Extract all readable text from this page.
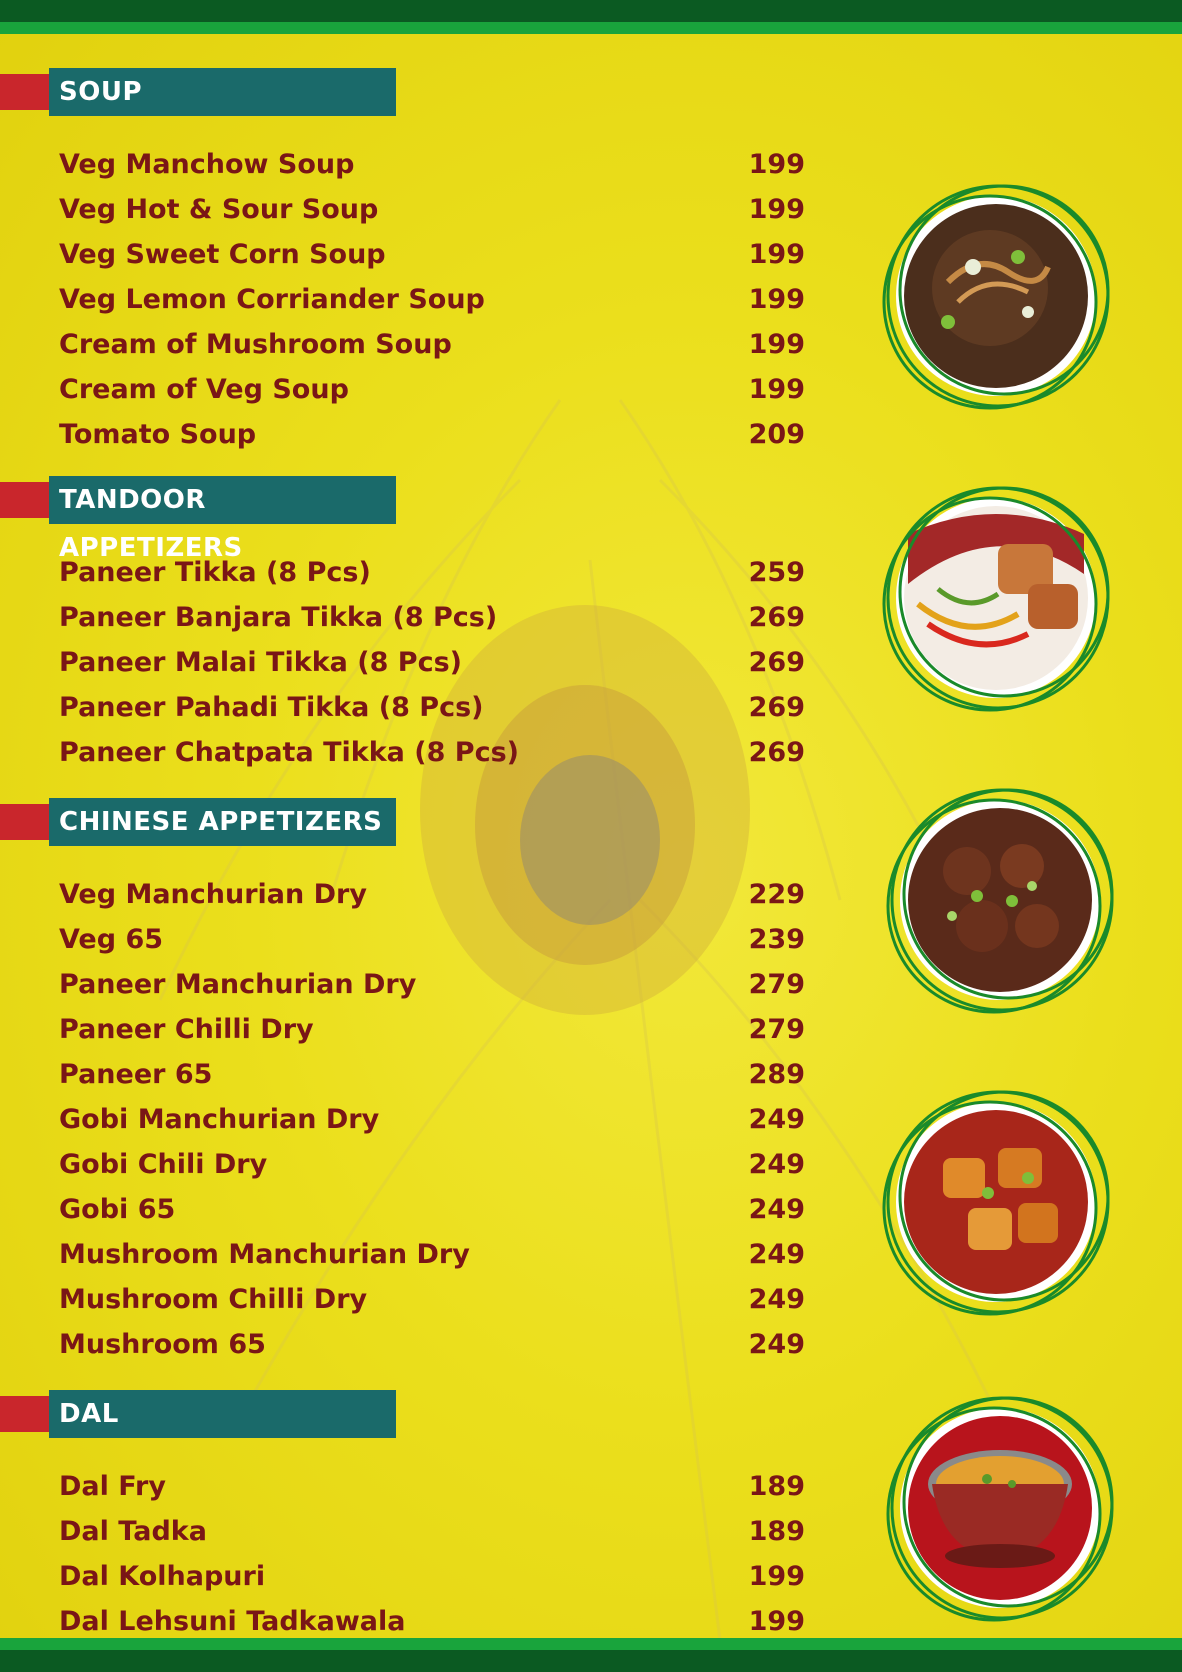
SOUP
Veg Manchow Soup	199
Veg Hot & Sour Soup	199
Veg Sweet Corn Soup	199
Veg Lemon Corriander Soup	199
Cream of Mushroom Soup	199
Cream of Veg Soup	199
Tomato Soup	209
TANDOOR APPETIZERS
Paneer Tikka (8 Pcs)	259
Paneer Banjara Tikka (8 Pcs)	269
Paneer Malai Tikka (8 Pcs)	269
Paneer Pahadi Tikka (8 Pcs)	269
Paneer Chatpata Tikka (8 Pcs)	269
CHINESE APPETIZERS
Veg Manchurian Dry	229
Veg 65	239
Paneer Manchurian Dry	279
Paneer Chilli Dry	279
Paneer 65	289
Gobi Manchurian Dry	249
Gobi Chili Dry	249
Gobi 65	249
Mushroom Manchurian Dry	249
Mushroom Chilli Dry	249
Mushroom 65	249
DAL
Dal Fry	189
Dal Tadka	189
Dal Kolhapuri	199
Dal Lehsuni Tadkawala	199
